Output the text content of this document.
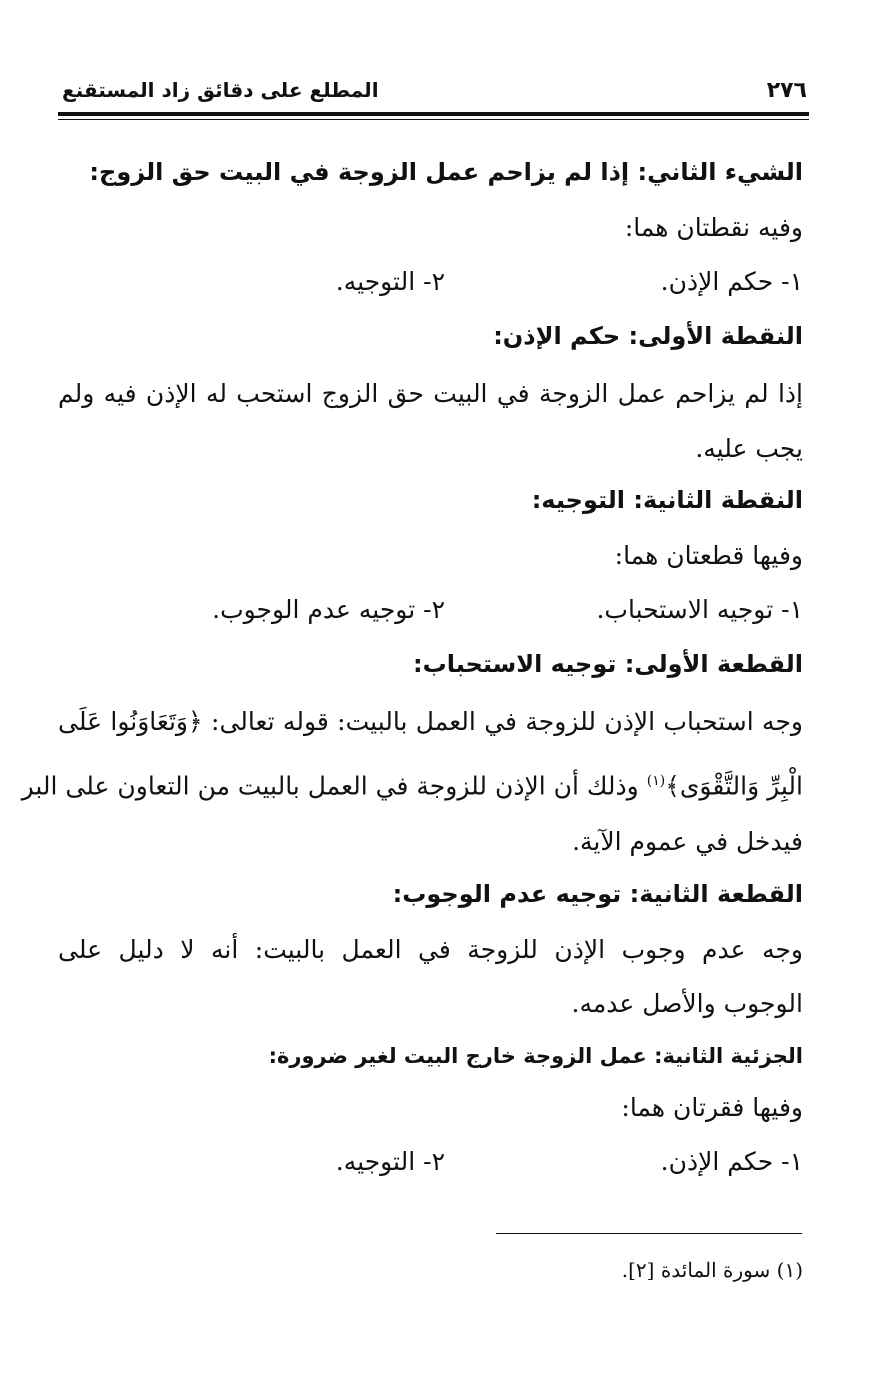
٢٧٦
المطلع على دقائق زاد المستقنع

الشيء الثاني: إذا لم يزاحم عمل الزوجة في البيت حق الزوج:

وفيه نقطتان هما:

١- حكم الإذن.
٢- التوجيه.

النقطة الأولى: حكم الإذن:

إذا لم يزاحم عمل الزوجة في البيت حق الزوج استحب له الإذن فيه ولم

يجب عليه.

النقطة الثانية: التوجيه:

وفيها قطعتان هما:

١- توجيه الاستحباب.
٢- توجيه عدم الوجوب.

القطعة الأولى: توجيه الاستحباب:

وجه استحباب الإذن للزوجة في العمل بالبيت: قوله تعالى: ﴿وَتَعَاوَنُوا عَلَى

الْبِرِّ وَالتَّقْوَى﴾$^{(١)}$ وذلك أن الإذن للزوجة في العمل بالبيت من التعاون على البر

فيدخل في عموم الآية.

القطعة الثانية: توجيه عدم الوجوب:

وجه عدم وجوب الإذن للزوجة في العمل بالبيت: أنه لا دليل على

الوجوب والأصل عدمه.

الجزئية الثانية: عمل الزوجة خارج البيت لغير ضرورة:

وفيها فقرتان هما:

١- حكم الإذن.
٢- التوجيه.
(١) سورة المائدة [٢].
